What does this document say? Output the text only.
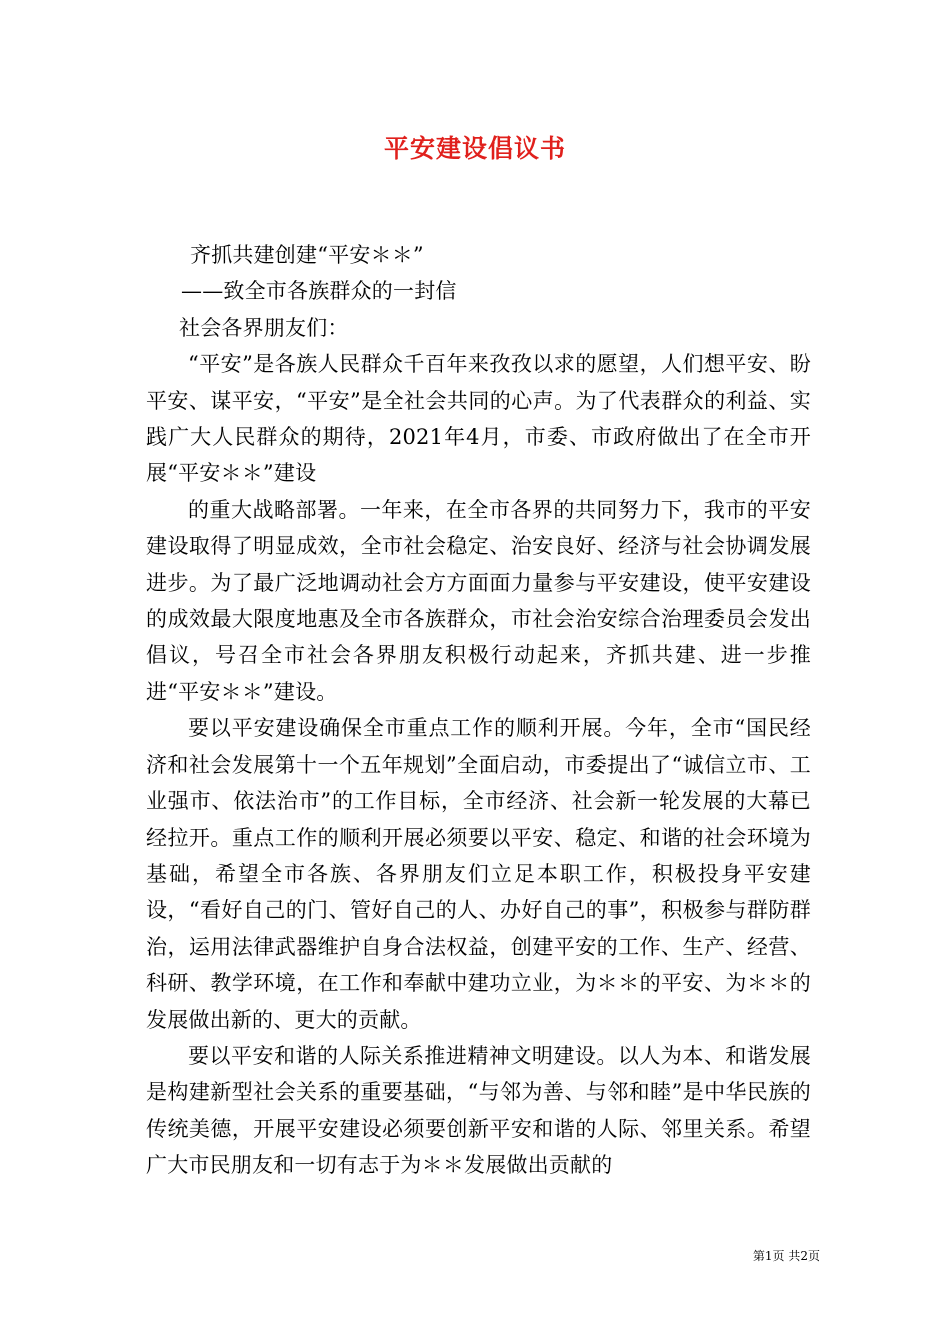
平安建设倡议书

齐抓共建创建“平安＊＊”

——致全市各族群众的一封信

社会各界朋友们：

“平安”是各族人民群众千百年来孜孜以求的愿望，人们想平安、盼平安、谋平安，“平安”是全社会共同的心声。为了代表群众的利益、实践广大人民群众的期待，2021年4月，市委、市政府做出了在全市开展“平安＊＊”建设

的重大战略部署。一年来，在全市各界的共同努力下，我市的平安建设取得了明显成效，全市社会稳定、治安良好、经济与社会协调发展进步。为了最广泛地调动社会方方面面力量参与平安建设，使平安建设的成效最大限度地惠及全市各族群众，市社会治安综合治理委员会发出倡议，号召全市社会各界朋友积极行动起来，齐抓共建、进一步推进“平安＊＊”建设。

要以平安建设确保全市重点工作的顺利开展。今年，全市“国民经济和社会发展第十一个五年规划”全面启动，市委提出了“诚信立市、工业强市、依法治市”的工作目标，全市经济、社会新一轮发展的大幕已经拉开。重点工作的顺利开展必须要以平安、稳定、和谐的社会环境为基础，希望全市各族、各界朋友们立足本职工作，积极投身平安建设，“看好自己的门、管好自己的人、办好自己的事”，积极参与群防群治，运用法律武器维护自身合法权益，创建平安的工作、生产、经营、科研、教学环境，在工作和奉献中建功立业，为＊＊的平安、为＊＊的发展做出新的、更大的贡献。

要以平安和谐的人际关系推进精神文明建设。以人为本、和谐发展是构建新型社会关系的重要基础，“与邻为善、与邻和睦”是中华民族的传统美德，开展平安建设必须要创新平安和谐的人际、邻里关系。希望广大市民朋友和一切有志于为＊＊发展做出贡献的

第1页 共2页
